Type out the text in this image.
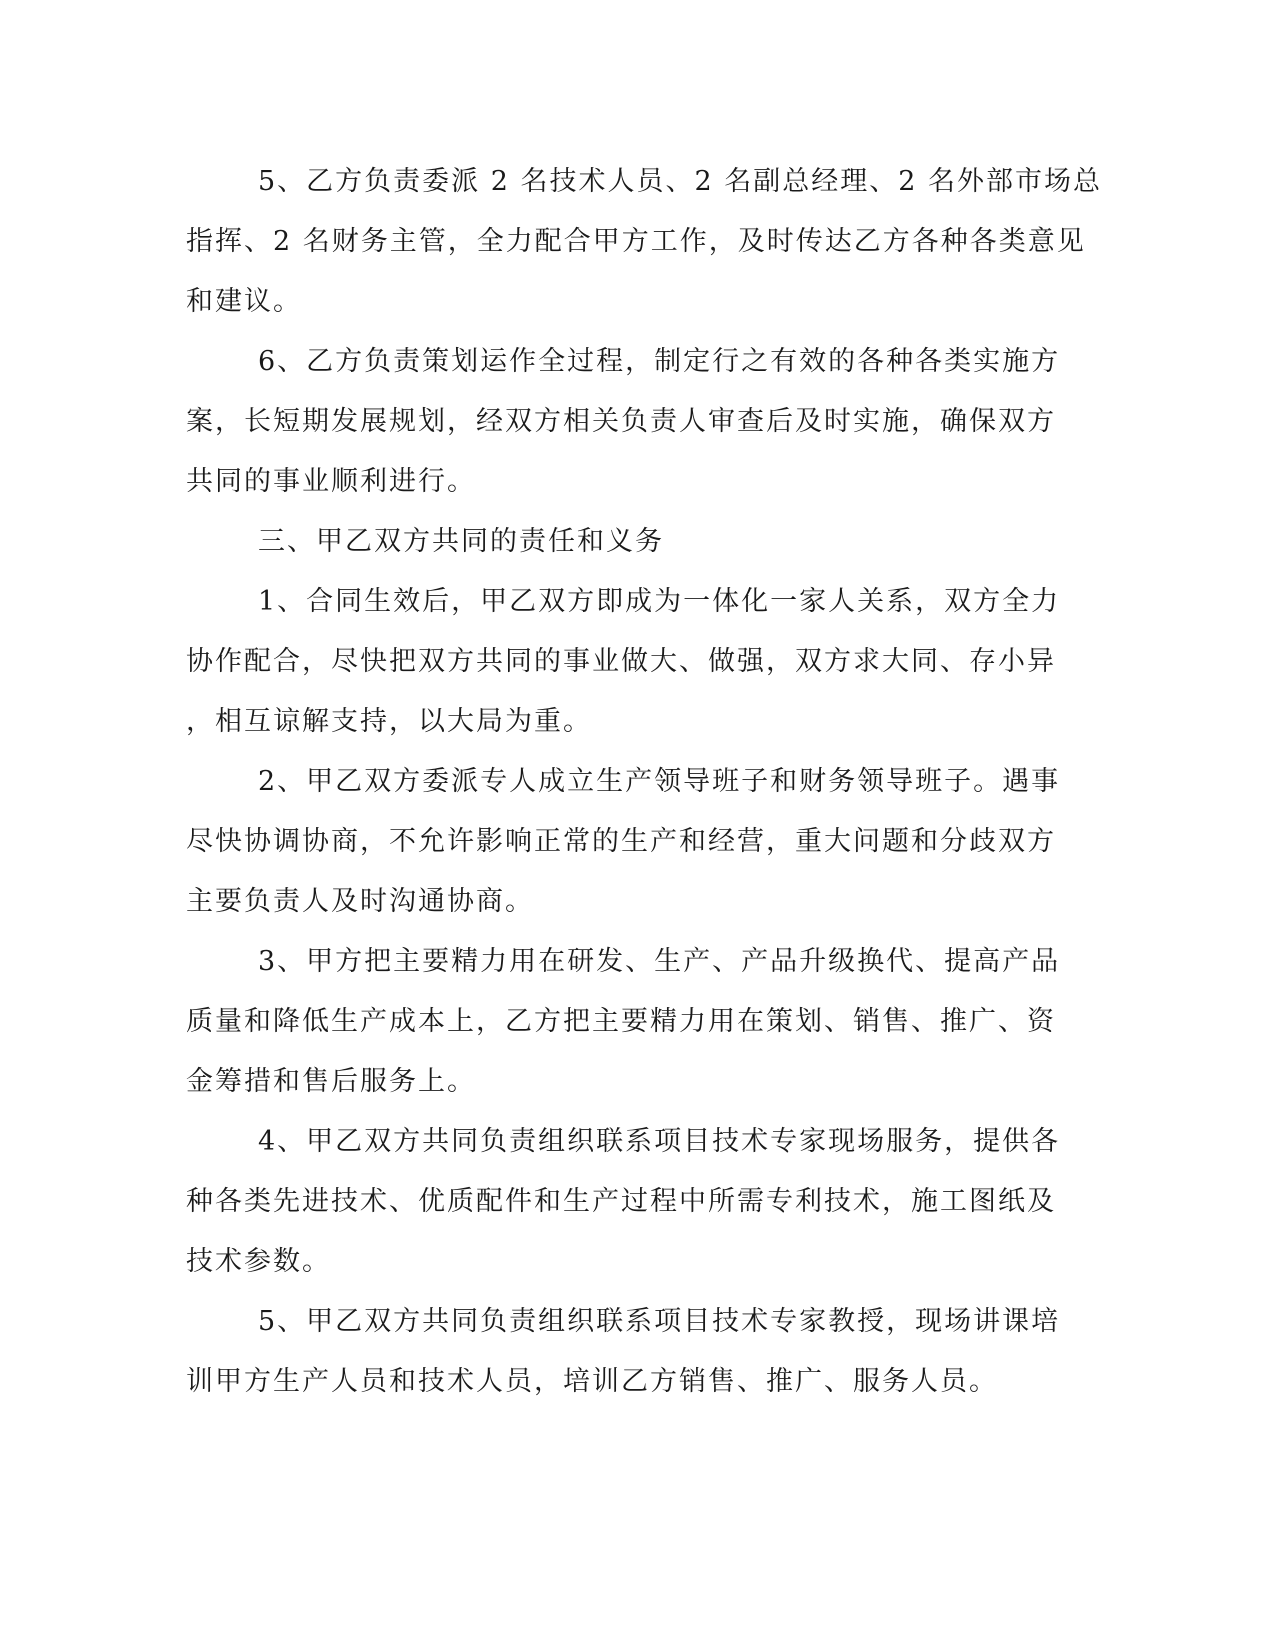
5、乙方负责委派 2 名技术人员、2 名副总经理、2 名外部市场总
指挥、2 名财务主管，全力配合甲方工作，及时传达乙方各种各类意见
和建议。
6、乙方负责策划运作全过程，制定行之有效的各种各类实施方
案，长短期发展规划，经双方相关负责人审查后及时实施，确保双方
共同的事业顺利进行。
三、甲乙双方共同的责任和义务
1、合同生效后，甲乙双方即成为一体化一家人关系，双方全力
协作配合，尽快把双方共同的事业做大、做强，双方求大同、存小异
，相互谅解支持，以大局为重。
2、甲乙双方委派专人成立生产领导班子和财务领导班子。遇事
尽快协调协商，不允许影响正常的生产和经营，重大问题和分歧双方
主要负责人及时沟通协商。
3、甲方把主要精力用在研发、生产、产品升级换代、提高产品
质量和降低生产成本上，乙方把主要精力用在策划、销售、推广、资
金筹措和售后服务上。
4、甲乙双方共同负责组织联系项目技术专家现场服务，提供各
种各类先进技术、优质配件和生产过程中所需专利技术，施工图纸及
技术参数。
5、甲乙双方共同负责组织联系项目技术专家教授，现场讲课培
训甲方生产人员和技术人员，培训乙方销售、推广、服务人员。
